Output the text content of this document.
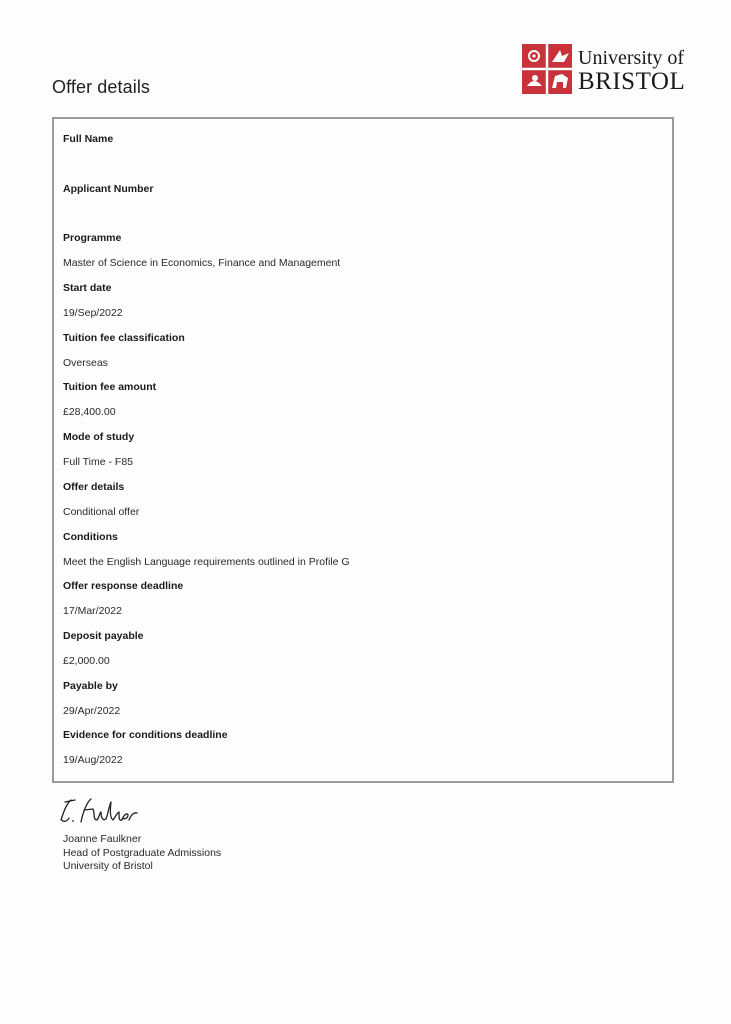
Offer details
University of
BRISTOL
Full Name
Applicant Number
Programme
Master of Science in Economics, Finance and Management
Start date
19/Sep/2022
Tuition fee classification
Overseas
Tuition fee amount
£28,400.00
Mode of study
Full Time - F85
Offer details
Conditional offer
Conditions
Meet the English Language requirements outlined in Profile G
Offer response deadline
17/Mar/2022
Deposit payable
£2,000.00
Payable by
29/Apr/2022
Evidence for conditions deadline
19/Aug/2022
Joanne Faulkner
Head of Postgraduate Admissions
University of Bristol
